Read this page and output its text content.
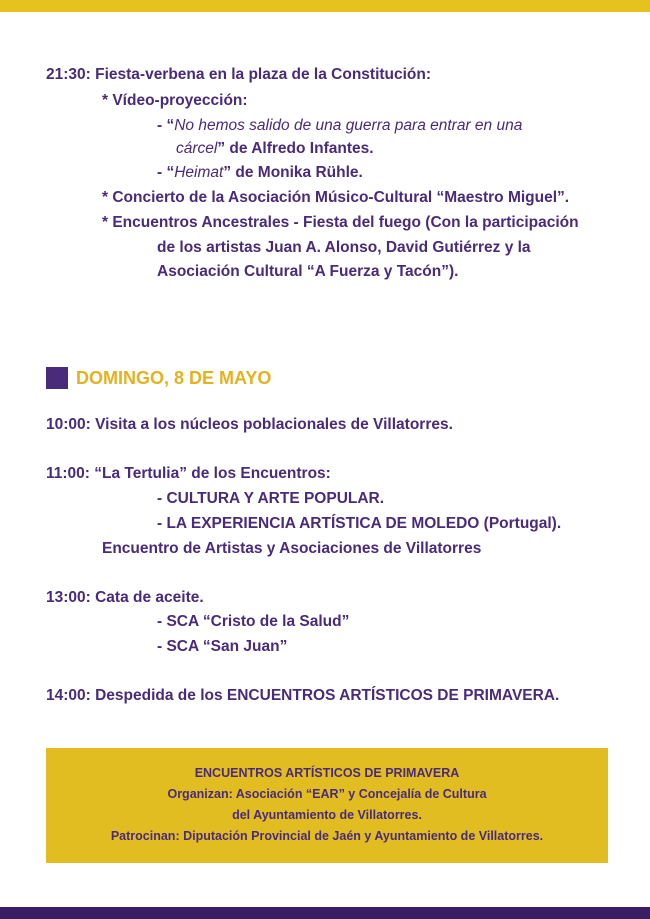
21:30: Fiesta-verbena en la plaza de la Constitución:
* Vídeo-proyección:
- “No hemos salido de una guerra para entrar en una
cárcel” de Alfredo Infantes.
- “Heimat” de Monika Rühle.
* Concierto de la Asociación Músico-Cultural “Maestro Miguel”.
* Encuentros Ancestrales - Fiesta del fuego (Con la participación
de los artistas Juan A. Alonso, David Gutiérrez y la
Asociación Cultural “A Fuerza y Tacón”).
DOMINGO, 8 DE MAYO
10:00: Visita a los núcleos poblacionales de Villatorres.
11:00: “La Tertulia” de los Encuentros:
- CULTURA Y ARTE POPULAR.
- LA EXPERIENCIA ARTÍSTICA DE MOLEDO (Portugal).
Encuentro de Artistas y Asociaciones de Villatorres
13:00: Cata de aceite.
- SCA “Cristo de la Salud”
- SCA “San Juan”
14:00: Despedida de los ENCUENTROS ARTÍSTICOS DE PRIMAVERA.
ENCUENTROS ARTÍSTICOS DE PRIMAVERA
Organizan: Asociación “EAR” y Concejalía de Cultura
del Ayuntamiento de Villatorres.
Patrocinan: Diputación Provincial de Jaén y Ayuntamiento de Villatorres.
